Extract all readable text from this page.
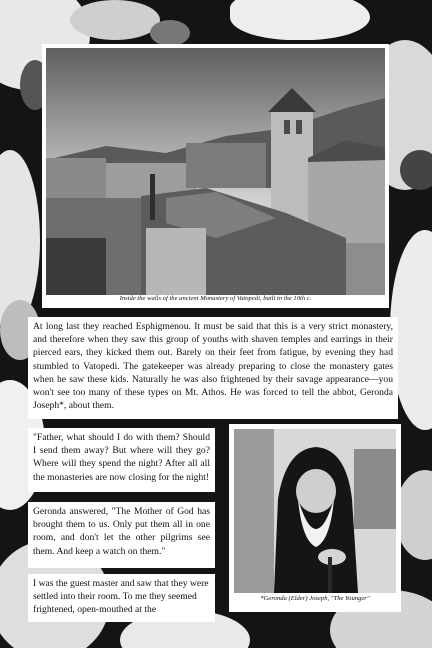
Inside the walls of the ancient Monastery of Vatopedi, built in the 10th c.
At long last they reached Esphigmenou. It must be said that this is a very strict monastery, and therefore when they saw this group of youths with shaven temples and earrings in their pierced ears, they kicked them out. Barely on their feet from fatigue, by evening they had stumbled to Vatopedi. The gatekeeper was already preparing to close the monastery gates when he saw these kids. Naturally he was also frightened by their savage appearance—you won't see too many of these types on Mt. Athos. He was forced to tell the abbot, Geronda Joseph*, about them.
"Father, what should I do with them? Should I send them away? But where will they go? Where will they spend the night? After all all the monasteries are now closing for the night!
Geronda answered, "The Mother of God has brought them to us. Only put them all in one room, and don't let the other pilgrims see them. And keep a watch on them."
I was the guest master and saw that they were settled into their room. To me they seemed frightened, open-mouthed at the
*Geronda (Elder) Joseph, "The Younger"
